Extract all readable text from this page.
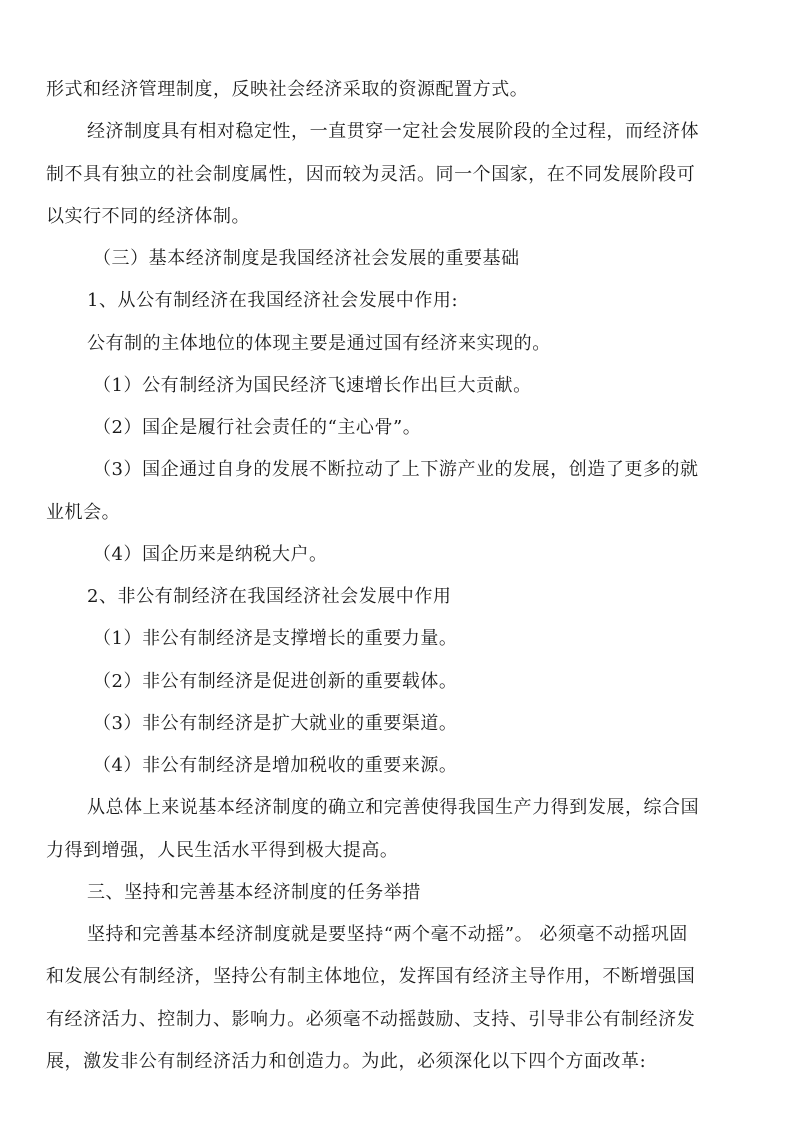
形式和经济管理制度，反映社会经济采取的资源配置方式。

经济制度具有相对稳定性，一直贯穿一定社会发展阶段的全过程，而经济体

制不具有独立的社会制度属性，因而较为灵活。同一个国家，在不同发展阶段可

以实行不同的经济体制。

（三）基本经济制度是我国经济社会发展的重要基础

1、从公有制经济在我国经济社会发展中作用:

公有制的主体地位的体现主要是通过国有经济来实现的。

（1）公有制经济为国民经济飞速增长作出巨大贡献。

（2）国企是履行社会责任的“主心骨”。

（3）国企通过自身的发展不断拉动了上下游产业的发展，创造了更多的就

业机会。

（4）国企历来是纳税大户。

2、非公有制经济在我国经济社会发展中作用

（1）非公有制经济是支撑增长的重要力量。

（2）非公有制经济是促进创新的重要载体。

（3）非公有制经济是扩大就业的重要渠道。

（4）非公有制经济是增加税收的重要来源。

从总体上来说基本经济制度的确立和完善使得我国生产力得到发展，综合国

力得到增强，人民生活水平得到极大提高。

三、坚持和完善基本经济制度的任务举措

坚持和完善基本经济制度就是要坚持“两个毫不动摇”。 必须毫不动摇巩固

和发展公有制经济，坚持公有制主体地位，发挥国有经济主导作用，不断增强国

有经济活力、控制力、影响力。必须毫不动摇鼓励、支持、引导非公有制经济发

展，激发非公有制经济活力和创造力。为此，必须深化以下四个方面改革:
